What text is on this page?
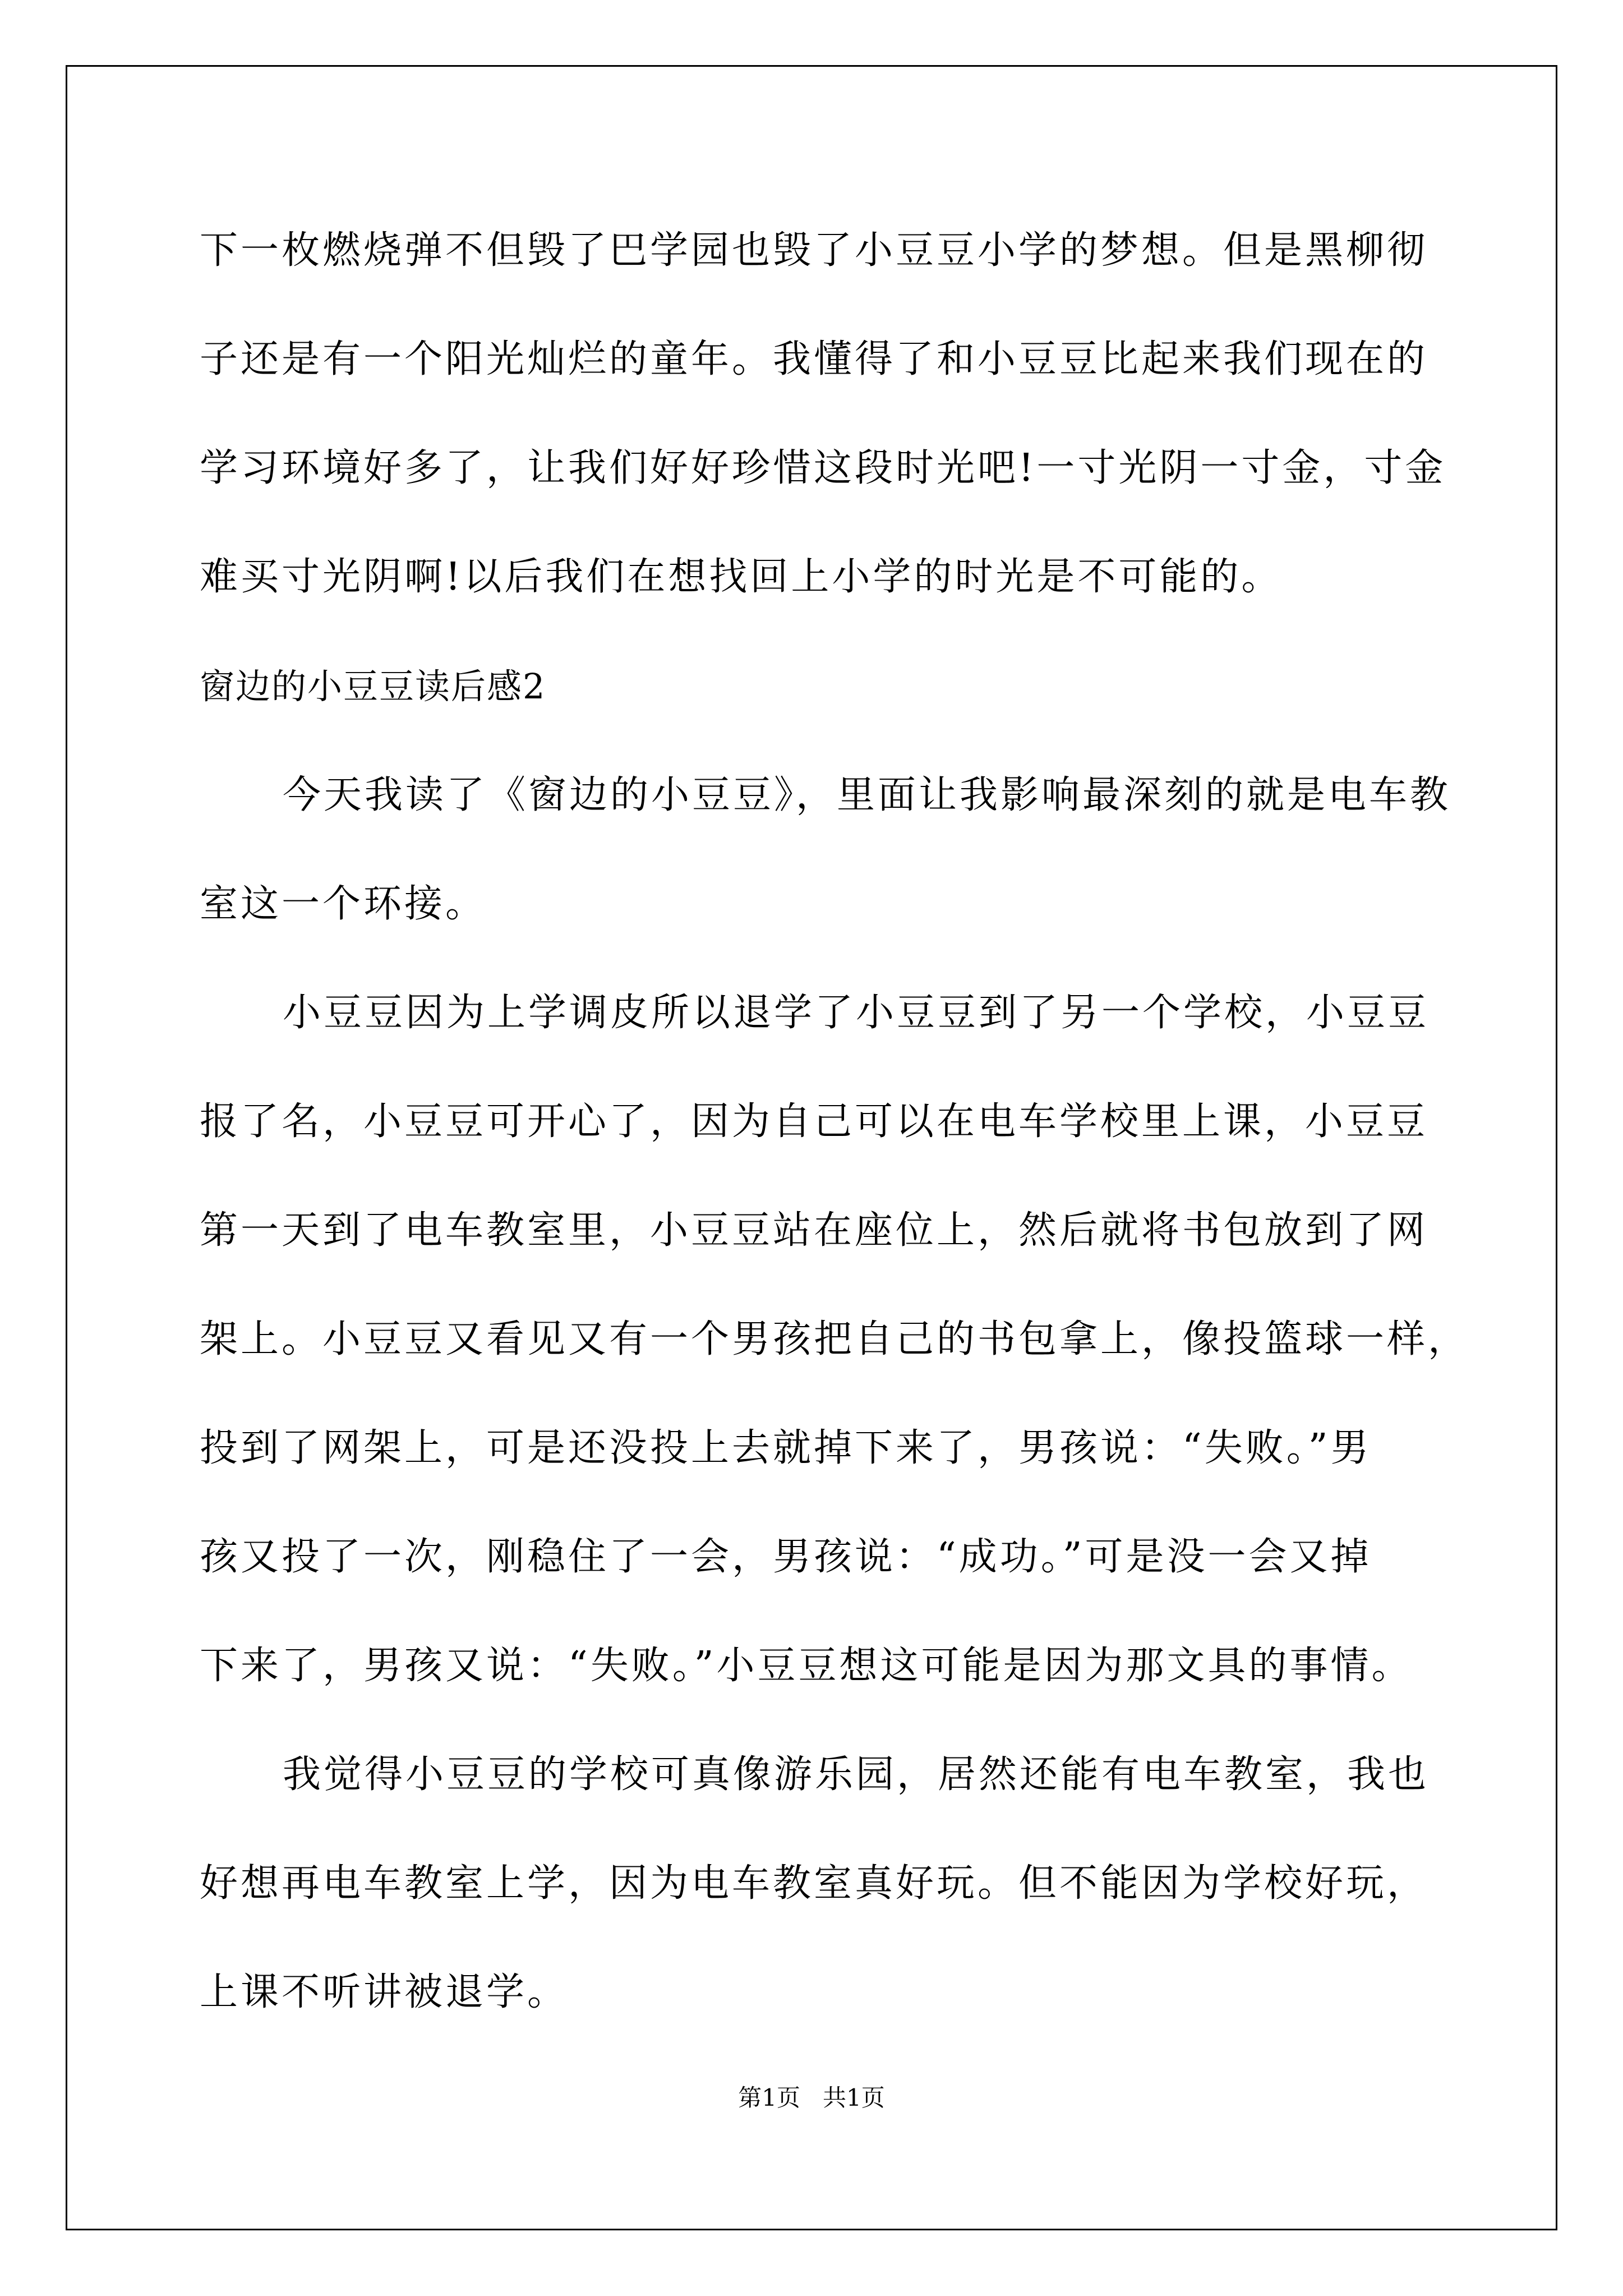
下一枚燃烧弹不但毁了巴学园也毁了小豆豆小学的梦想。但是黑柳彻
子还是有一个阳光灿烂的童年。我懂得了和小豆豆比起来我们现在的
学习环境好多了，让我们好好珍惜这段时光吧!一寸光阴一寸金，寸金
难买寸光阴啊!以后我们在想找回上小学的时光是不可能的。
窗边的小豆豆读后感2
今天我读了《窗边的小豆豆》，里面让我影响最深刻的就是电车教
室这一个环接。
小豆豆因为上学调皮所以退学了小豆豆到了另一个学校，小豆豆
报了名，小豆豆可开心了，因为自己可以在电车学校里上课，小豆豆
第一天到了电车教室里，小豆豆站在座位上，然后就将书包放到了网
架上。小豆豆又看见又有一个男孩把自己的书包拿上，像投篮球一样，
投到了网架上，可是还没投上去就掉下来了，男孩说：“失败。”男
孩又投了一次，刚稳住了一会，男孩说：“成功。”可是没一会又掉
下来了，男孩又说：“失败。”小豆豆想这可能是因为那文具的事情。
我觉得小豆豆的学校可真像游乐园，居然还能有电车教室，我也
好想再电车教室上学，因为电车教室真好玩。但不能因为学校好玩，
上课不听讲被退学。
第1页   共1页
